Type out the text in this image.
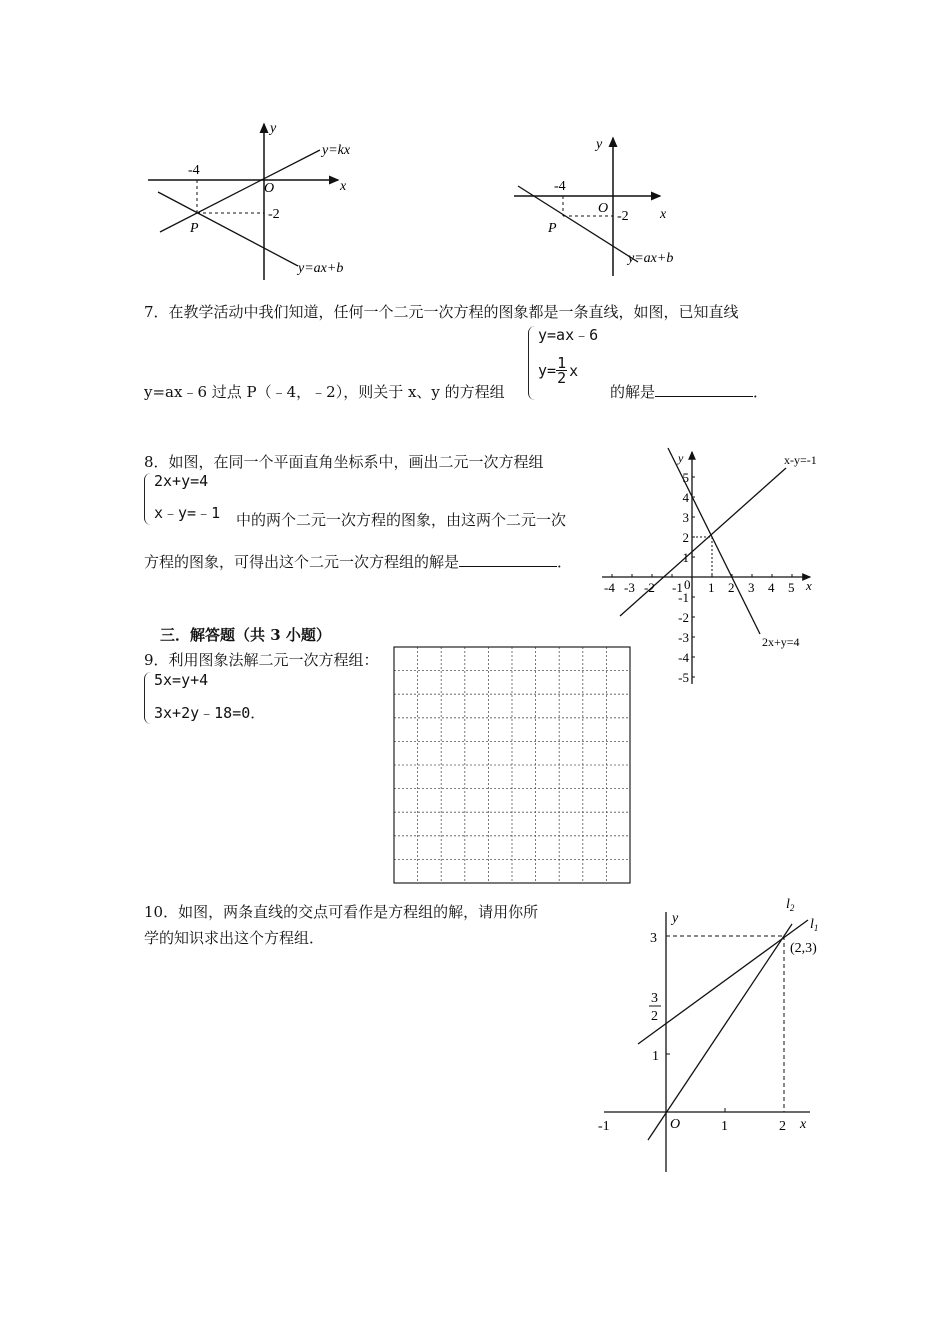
y
x
O
-4
-2
P
y=kx
y=ax+b
y
x
O
-4
-2
P
y=ax+b
7．在教学活动中我们知道，任何一个二元一次方程的图象都是一条直线，如图，已知直线
y=ax﹣6 过点 P（﹣4，﹣2），则关于 x、y 的方程组
y=ax﹣6
$y= \frac{1}{2}$ x
的解是	．
8．如图，在同一个平面直角坐标系中，画出二元一次方程组
2x+y=4
x﹣y=﹣1 中的两个二元一次方程的图象，由这两个二元一次
方程的图象，可得出这个二元一次方程组的解是	．
y
x
0
-4 -3 -2 -1 1 2 3 4 5
5
4
3
2
1
-1
-2
-3
-4
-5
x-y=-1
2x+y=4
三．解答题（共 3 小题）
9．利用图象法解二元一次方程组：
5x=y+4
3x+2y﹣18=0．
10．如图，两条直线的交点可看作是方程组的解，请用你所
学的知识求出这个方程组．
y
x
O
-1	1	2
3
3
2
1
$l_2$
$l_1$
(2,3)
